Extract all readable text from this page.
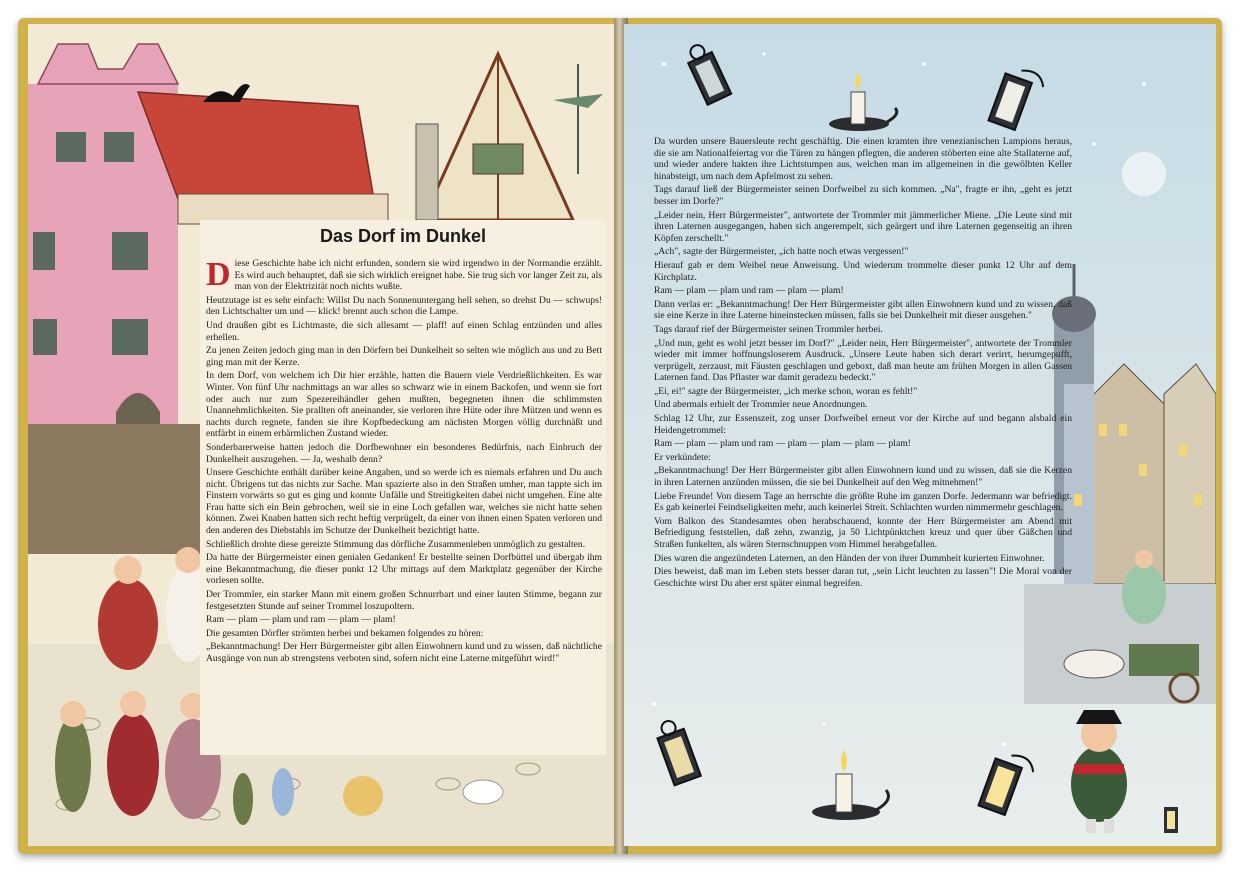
Das Dorf im Dunkel
D iese Geschichte habe ich nicht erfunden, sondern sie wird irgendwo in der Normandie erzählt. Es wird auch behauptet, daß sie sich wirklich ereignet habe. Sie trug sich vor langer Zeit zu, als man von der Elektrizität noch nichts wußte.

Heutzutage ist es sehr einfach: Willst Du nach Sonnenuntergang hell sehen, so drehst Du — schwups! den Lichtschalter um und — klick! brennt auch schon die Lampe.

Und draußen gibt es Lichtmaste, die sich allesamt — plaff! auf einen Schlag entzünden und alles erhellen.

Zu jenen Zeiten jedoch ging man in den Dörfern bei Dunkelheit so selten wie möglich aus und zu Bett ging man mit der Kerze.

In dem Dorf, von welchem ich Dir hier erzähle, hatten die Bauern viele Verdrießlichkeiten. Es war Winter. Von fünf Uhr nachmittags an war alles so schwarz wie in einem Backofen, und wenn sie fort oder auch nur zum Spezereihändler gehen mußten, begegneten ihnen die schlimmsten Unannehmlichkeiten. Sie prallten oft aneinander, sie verloren ihre Hüte oder ihre Mützen und wenn es nachts durch regnete, fanden sie ihre Kopfbedeckung am nächsten Morgen völlig durchnäßt und entfärbt in einem erbärmlichen Zustand wieder.

Sonderbarerweise hatten jedoch die Dorfbewohner ein besonderes Bedürfnis, nach Einbruch der Dunkelheit auszugehen. — Ja, weshalb denn?

Unsere Geschichte enthält darüber keine Angaben, und so werde ich es niemals erfahren und Du auch nicht. Übrigens tut das nichts zur Sache. Man spazierte also in den Straßen umher, man tappte sich im Finstern vorwärts so gut es ging und konnte Unfälle und Streitigkeiten dabei nicht umgehen. Eine alte Frau hatte sich ein Bein gebrochen, weil sie in eine Loch gefallen war, welches sie nicht hatte sehen können. Zwei Knaben hatten sich recht heftig verprügelt, da einer von ihnen einen Spaten verloren und den anderen des Diebstahls im Schutze der Dunkelheit bezichtigt hatte.

Schließlich drohte diese gereizte Stimmung das dörfliche Zusammenleben unmöglich zu gestalten.

Da hatte der Bürgermeister einen genialen Gedanken! Er bestellte seinen Dorfbüttel und übergab ihm eine Bekanntmachung, die dieser punkt 12 Uhr mittags auf dem Marktplatz gegenüber der Kirche vorlesen sollte.

Der Trommler, ein starker Mann mit einem großen Schnurrbart und einer lauten Stimme, begann zur festgesetzten Stunde auf seiner Trommel loszupoltern.

Ram — plam — plam und ram — plam — plam!

Die gesamten Dörfler strömten herbei und bekamen folgendes zu hören:

„Bekanntmachung! Der Herr Bürgermeister gibt allen Einwohnern kund und zu wissen, daß nächtliche Ausgänge von nun ab strengstens verboten sind, sofern nicht eine Laterne mitgeführt wird!"

Da wurden unsere Bauersleute recht geschäftig. Die einen kramten ihre venezianischen Lampions heraus, die sie am Nationalfeiertag vor die Türen zu hängen pflegten, die anderen stöberten eine alte Stallaterne auf, und wieder andere hakten ihre Lichtstumpen aus, welchen man im allgemeinen in die gewölbten Keller hinabsteigt, um nach dem Apfelmost zu sehen.

Tags darauf ließ der Bürgermeister seinen Dorfweibel zu sich kommen. „Na", fragte er ihn, „geht es jetzt besser im Dorfe?"

„Leider nein, Herr Bürgermeister", antwortete der Trommler mit jämmerlicher Miene. „Die Leute sind mit ihren Laternen ausgegangen, haben sich angerempelt, sich geärgert und ihre Laternen gegenseitig an ihren Köpfen zerschellt."

„Ach", sagte der Bürgermeister, „ich hatte noch etwas vergessen!"

Hierauf gab er dem Weibel neue Anweisung. Und wiederum trommelte dieser punkt 12 Uhr auf dem Kirchplatz.

Ram — plam — plam und ram — plam — plam!

Dann verlas er: „Bekanntmachung! Der Herr Bürgermeister gibt allen Einwohnern kund und zu wissen, daß sie eine Kerze in ihre Laterne hineinstecken müssen, falls sie bei Dunkelheit mit dieser ausgehen."

Tags darauf rief der Bürgermeister seinen Trommler herbei.

„Und nun, geht es wohl jetzt besser im Dorf?" „Leider nein, Herr Bürgermeister", antwortete der Trommler wieder mit immer hoffnungsloserem Ausdruck. „Unsere Leute haben sich derart verirrt, herumgepufft, verprügelt, zerzaust, mit Fäusten geschlagen und geboxt, daß man heute am frühen Morgen in allen Gassen Laternen fand. Das Pflaster war damit geradezu bedeckt."

„Ei, ei!" sagte der Bürgermeister, „ich merke schon, woran es fehlt!"

Und abermals erhielt der Trommler neue Anordnungen.

Schlag 12 Uhr, zur Essenszeit, zog unser Dorfweibel erneut vor der Kirche auf und begann alsbald ein Heidengetrommel:

Ram — plam — plam und ram — plam — plam — plam — plam!

Er verkündete:

„Bekanntmachung! Der Herr Bürgermeister gibt allen Einwohnern kund und zu wissen, daß sie die Kerzen in ihren Laternen anzünden müssen, die sie bei Dunkelheit auf den Weg mitnehmen!"

Liebe Freunde! Von diesem Tage an herrschte die größte Ruhe im ganzen Dorfe. Jedermann war befriedigt. Es gab keinerlei Feindseligkeiten mehr, auch keinerlei Streit. Schlachten wurden nimmermehr geschlagen.

Vom Balkon des Standesamtes oben herabschauend, konnte der Herr Bürgermeister am Abend mit Befriedigung feststellen, daß zehn, zwanzig, ja 50 Lichtpünktchen kreuz und quer über Gäßchen und Straßen funkelten, als wären Sternschnuppen vom Himmel herabgefallen.

Dies waren die angezündeten Laternen, an den Händen der von ihrer Dummheit kurierten Einwohner.

Dies beweist, daß man im Leben stets besser daran tut, „sein Licht leuchten zu lassen"! Die Moral von der Geschichte wirst Du aber erst später einmal begreifen.
